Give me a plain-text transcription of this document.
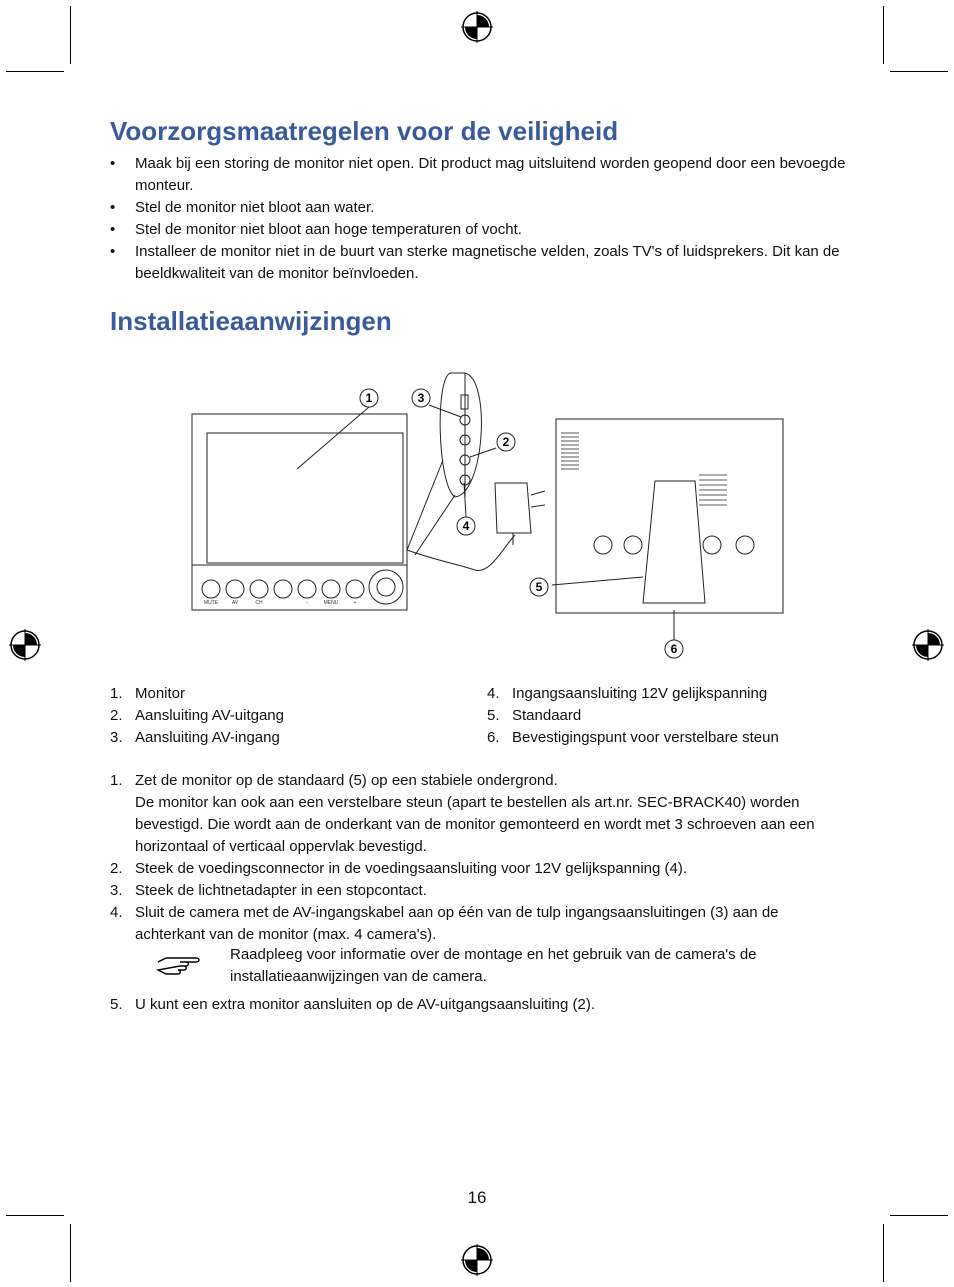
Voorzorgsmaatregelen voor de veiligheid
• Maak bij een storing de monitor niet open. Dit product mag uitsluitend worden geopend door een bevoegde monteur.
• Stel de monitor niet bloot aan water.
• Stel de monitor niet bloot aan hoge temperaturen of vocht.
• Installeer de monitor niet in de buurt van sterke magnetische velden, zoals TV's of luidsprekers. Dit kan de beeldkwaliteit van de monitor beïnvloeden.
Installatieaanwijzingen
1
2
3
4
5
6
MUTE	AV	CH	-	MENU	+
1. Monitor
2. Aansluiting AV-uitgang
3. Aansluiting AV-ingang
4. Ingangsaansluiting 12V gelijkspanning
5. Standaard
6. Bevestigingspunt voor verstelbare steun
1. Zet de monitor op de standaard (5) op een stabiele ondergrond.
De monitor kan ook aan een verstelbare steun (apart te bestellen als art.nr. SEC-BRACK40) worden bevestigd. Die wordt aan de onderkant van de monitor gemonteerd en wordt met 3 schroeven aan een horizontaal of verticaal oppervlak bevestigd.
2. Steek de voedingsconnector in de voedingsaansluiting voor 12V gelijkspanning (4).
3. Steek de lichtnetadapter in een stopcontact.
4. Sluit de camera met de AV-ingangskabel aan op één van de tulp ingangsaansluitingen (3) aan de achterkant van de monitor (max. 4 camera's).
Raadpleeg voor informatie over de montage en het gebruik van de camera's de installatieaanwijzingen van de camera.
5. U kunt een extra monitor aansluiten op de AV-uitgangsaansluiting (2).
16
